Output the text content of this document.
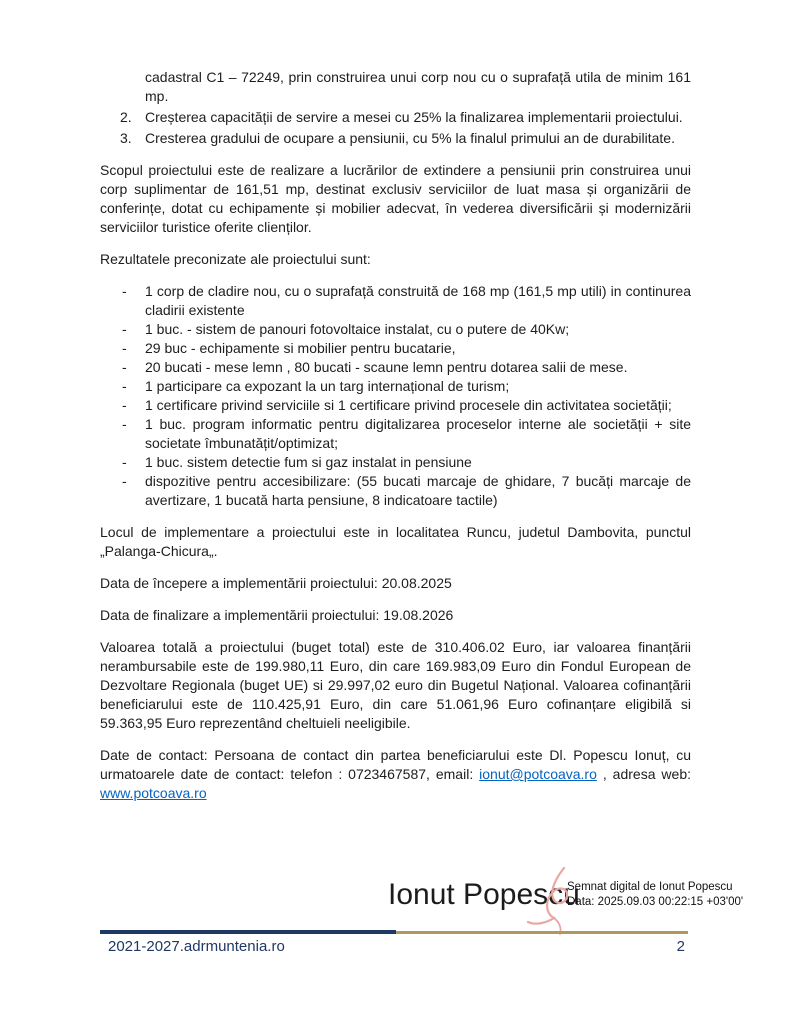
cadastral C1 – 72249, prin construirea unui corp nou cu o suprafață utila de minim 161 mp.
2. Creșterea capacității de servire a mesei cu 25% la finalizarea implementarii proiectului.
3. Cresterea gradului de ocupare a pensiunii, cu 5% la finalul primului an de durabilitate.
Scopul proiectului este de realizare a lucrărilor de extindere a pensiunii prin construirea unui corp suplimentar de 161,51 mp, destinat exclusiv serviciilor de luat masa și organizării de conferințe, dotat cu echipamente și mobilier adecvat, în vederea diversificării și modernizării serviciilor turistice oferite clienților.
Rezultatele preconizate ale proiectului sunt:
-	1 corp de cladire nou, cu o suprafață construită de 168 mp (161,5 mp utili) in continurea cladirii existente
-	1 buc. - sistem de panouri fotovoltaice instalat, cu o putere de 40Kw;
-	29 buc - echipamente si mobilier pentru bucatarie,
-	20 bucati - mese lemn , 80 bucati - scaune lemn pentru dotarea salii de mese.
-	1 participare ca expozant la un targ internațional de turism;
-	1 certificare privind serviciile si 1 certificare privind procesele din activitatea societății;
-	1 buc. program informatic pentru digitalizarea proceselor interne ale societății + site societate îmbunatățit/optimizat;
-	1 buc. sistem detectie fum si gaz instalat in pensiune
-	dispozitive pentru accesibilizare: (55 bucati marcaje de ghidare, 7 bucăți marcaje de avertizare, 1 bucată harta pensiune, 8 indicatoare tactile)
Locul de implementare a proiectului este in localitatea Runcu, judetul Dambovita, punctul „Palanga-Chicura„.
Data de începere a implementării proiectului: 20.08.2025
Data de finalizare a implementării proiectului: 19.08.2026
Valoarea totală a proiectului (buget total) este de 310.406.02 Euro, iar valoarea finanțării nerambursabile este de 199.980,11 Euro, din care 169.983,09 Euro din Fondul European de Dezvoltare Regionala (buget UE) si 29.997,02 euro din Bugetul Național. Valoarea cofinanțării beneficiarului este de 110.425,91 Euro, din care 51.061,96 Euro cofinanțare eligibilă si 59.363,95 Euro reprezentând cheltuieli neeligibile.
Date de contact: Persoana de contact din partea beneficiarului este Dl. Popescu Ionuț, cu urmatoarele date de contact: telefon : 0723467587, email: ionut@potcoava.ro , adresa web: www.potcoava.ro
Ionut Popescu
Semnat digital de Ionut Popescu
Data: 2025.09.03 00:22:15 +03'00'
2021-2027.adrmuntenia.ro	2
